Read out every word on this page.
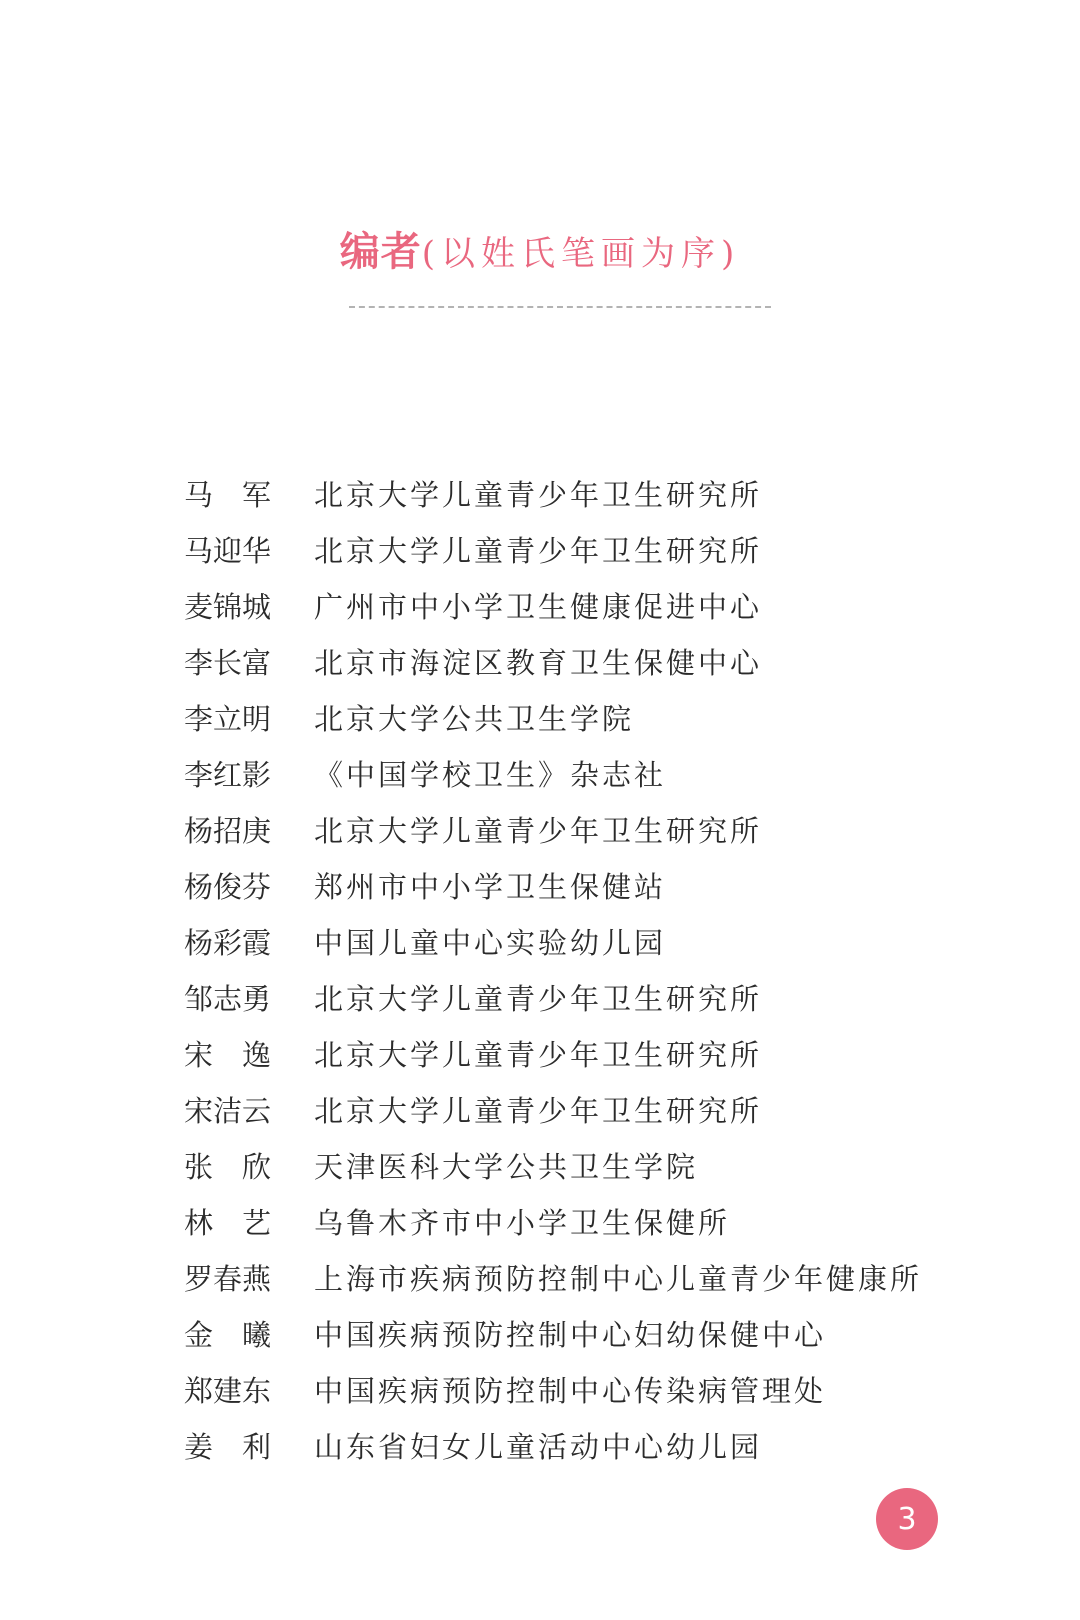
编者(以姓氏笔画为序)
马　军	北京大学儿童青少年卫生研究所
马迎华	北京大学儿童青少年卫生研究所
麦锦城	广州市中小学卫生健康促进中心
李长富	北京市海淀区教育卫生保健中心
李立明	北京大学公共卫生学院
李红影	《中国学校卫生》杂志社
杨招庚	北京大学儿童青少年卫生研究所
杨俊芬	郑州市中小学卫生保健站
杨彩霞	中国儿童中心实验幼儿园
邹志勇	北京大学儿童青少年卫生研究所
宋　逸	北京大学儿童青少年卫生研究所
宋洁云	北京大学儿童青少年卫生研究所
张　欣	天津医科大学公共卫生学院
林　艺	乌鲁木齐市中小学卫生保健所
罗春燕	上海市疾病预防控制中心儿童青少年健康所
金　曦	中国疾病预防控制中心妇幼保健中心
郑建东	中国疾病预防控制中心传染病管理处
姜　利	山东省妇女儿童活动中心幼儿园
3
